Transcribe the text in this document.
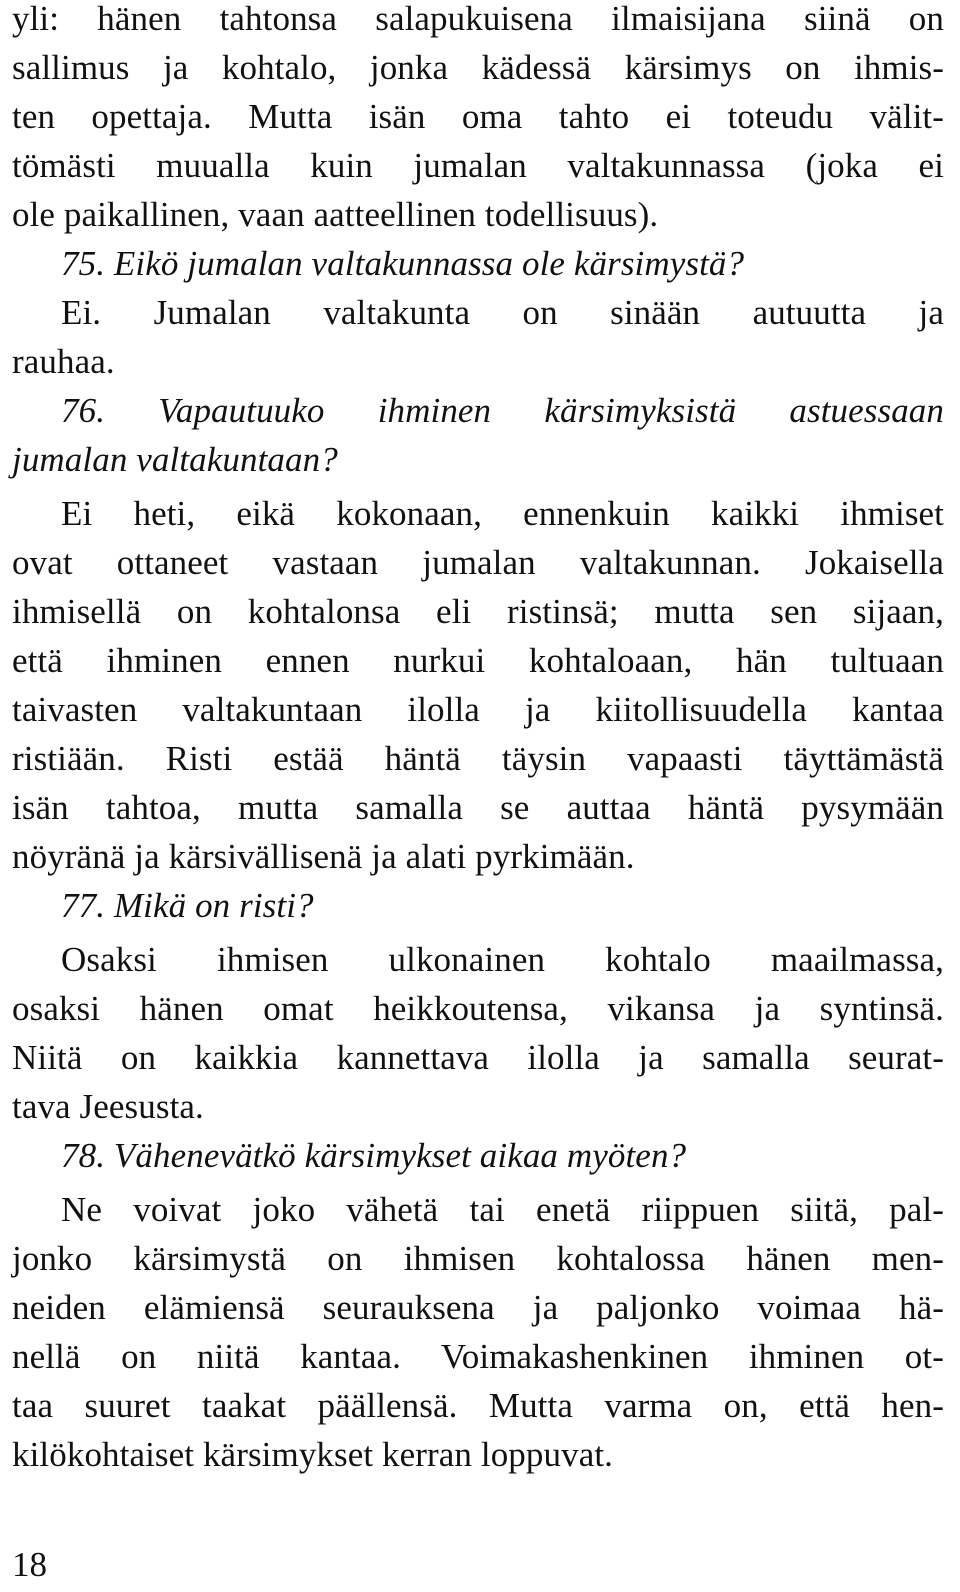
yli: hänen tahtonsa salapukuisena ilmaisijana siinä on
sallimus ja kohtalo, jonka kädessä kärsimys on ihmis-
ten opettaja. Mutta isän oma tahto ei toteudu välit-
tömästi muualla kuin jumalan valtakunnassa (joka ei
ole paikallinen, vaan aatteellinen todellisuus).
75. Eikö jumalan valtakunnassa ole kärsimystä?
Ei. Jumalan valtakunta on sinään autuutta ja
rauhaa.
76. Vapautuuko ihminen kärsimyksistä astuessaan
jumalan valtakuntaan?
Ei heti, eikä kokonaan, ennenkuin kaikki ihmiset
ovat ottaneet vastaan jumalan valtakunnan. Jokaisella
ihmisellä on kohtalonsa eli ristinsä; mutta sen sijaan,
että ihminen ennen nurkui kohtaloaan, hän tultuaan
taivasten valtakuntaan ilolla ja kiitollisuudella kantaa
ristiään. Risti estää häntä täysin vapaasti täyttämästä
isän tahtoa, mutta samalla se auttaa häntä pysymään
nöyränä ja kärsivällisenä ja alati pyrkimään.
77. Mikä on risti?
Osaksi ihmisen ulkonainen kohtalo maailmassa,
osaksi hänen omat heikkoutensa, vikansa ja syntinsä.
Niitä on kaikkia kannettava ilolla ja samalla seurat-
tava Jeesusta.
78. Vähenevätkö kärsimykset aikaa myöten?
Ne voivat joko vähetä tai enetä riippuen siitä, pal-
jonko kärsimystä on ihmisen kohtalossa hänen men-
neiden elämiensä seurauksena ja paljonko voimaa hä-
nellä on niitä kantaa. Voimakashenkinen ihminen ot-
taa suuret taakat päällensä. Mutta varma on, että hen-
kilökohtaiset kärsimykset kerran loppuvat.
18
